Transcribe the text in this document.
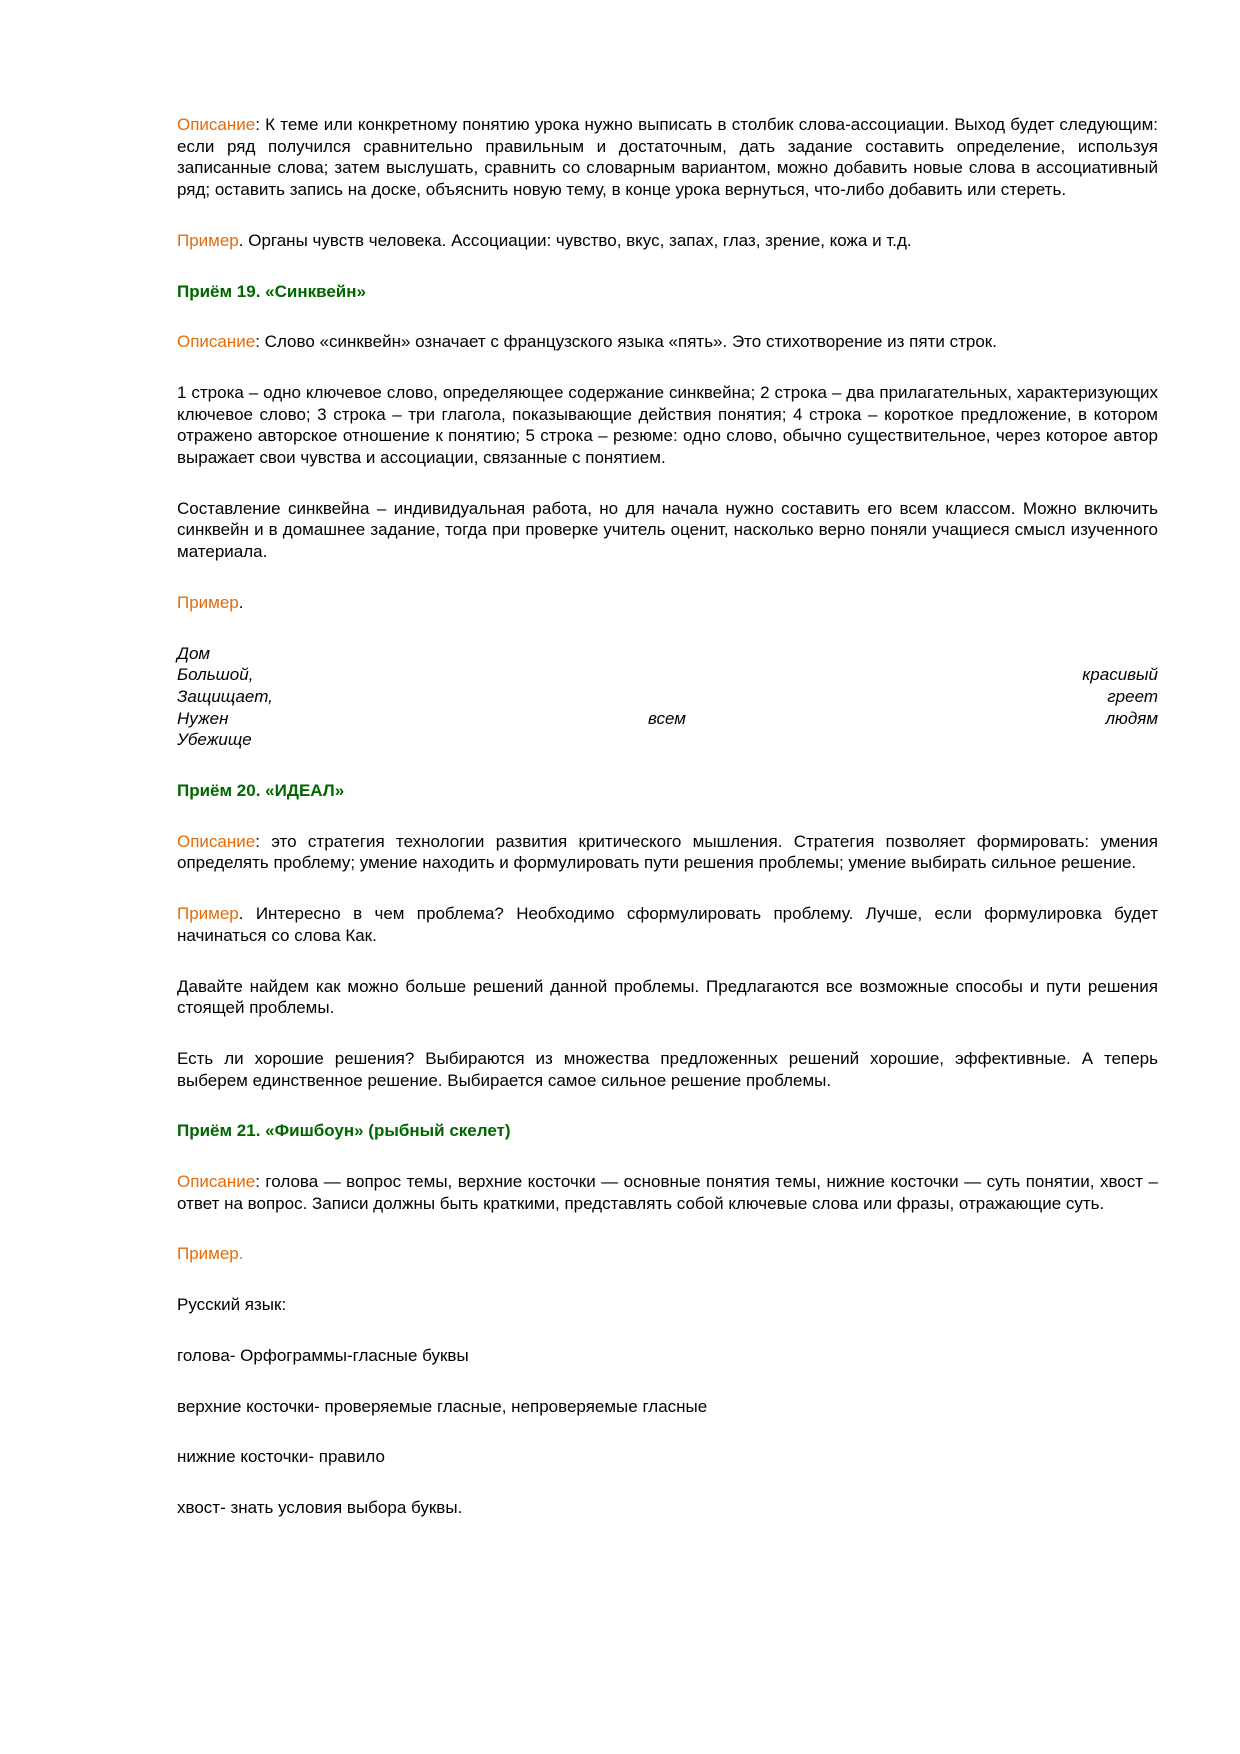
Описание: К теме или конкретному понятию урока нужно выписать в столбик слова-ассоциации. Выход будет следующим: если ряд получился сравнительно правильным и достаточным, дать задание составить определение, используя записанные слова; затем выслушать, сравнить со словарным вариантом, можно добавить новые слова в ассоциативный ряд; оставить запись на доске, объяснить новую тему, в конце урока вернуться, что-либо добавить или стереть.

Пример. Органы чувств человека. Ассоциации: чувство, вкус, запах, глаз, зрение, кожа и т.д.

Приём 19. «Синквейн»

Описание: Слово «синквейн» означает с французского языка «пять». Это стихотворение из пяти строк.

1 строка – одно ключевое слово, определяющее содержание синквейна; 2 строка – два прилагательных, характеризующих ключевое слово; 3 строка – три глагола, показывающие действия понятия; 4 строка – короткое предложение, в котором отражено авторское отношение к понятию; 5 строка – резюме: одно слово, обычно существительное, через которое автор выражает свои чувства и ассоциации, связанные с понятием.

Составление синквейна – индивидуальная работа, но для начала нужно составить его всем классом. Можно включить синквейн и в домашнее задание, тогда при проверке учитель оценит, насколько верно поняли учащиеся смысл изученного материала.

Пример.

Дом
Большой,	красивый
Защищает,	греет
Нужен	всем	людям
Убежище

Приём 20. «ИДЕАЛ»

Описание: это стратегия технологии развития критического мышления. Стратегия позволяет формировать: умения определять проблему; умение находить и формулировать пути решения проблемы; умение выбирать сильное решение.

Пример. Интересно в чем проблема? Необходимо сформулировать проблему. Лучше, если формулировка будет начинаться со слова Как.

Давайте найдем как можно больше решений данной проблемы. Предлагаются все возможные способы и пути решения стоящей проблемы.

Есть ли хорошие решения? Выбираются из множества предложенных решений хорошие, эффективные. А теперь выберем единственное решение. Выбирается самое сильное решение проблемы.

Приём 21. «Фишбоун» (рыбный скелет)

Описание: голова — вопрос темы, верхние косточки — основные понятия темы, нижние косточки — суть понятии, хвост – ответ на вопрос. Записи должны быть краткими, представлять собой ключевые слова или фразы, отражающие суть.

Пример.

Русский язык:

голова- Орфограммы-гласные буквы

верхние косточки- проверяемые гласные, непроверяемые гласные

нижние косточки- правило

хвост- знать условия выбора буквы.
